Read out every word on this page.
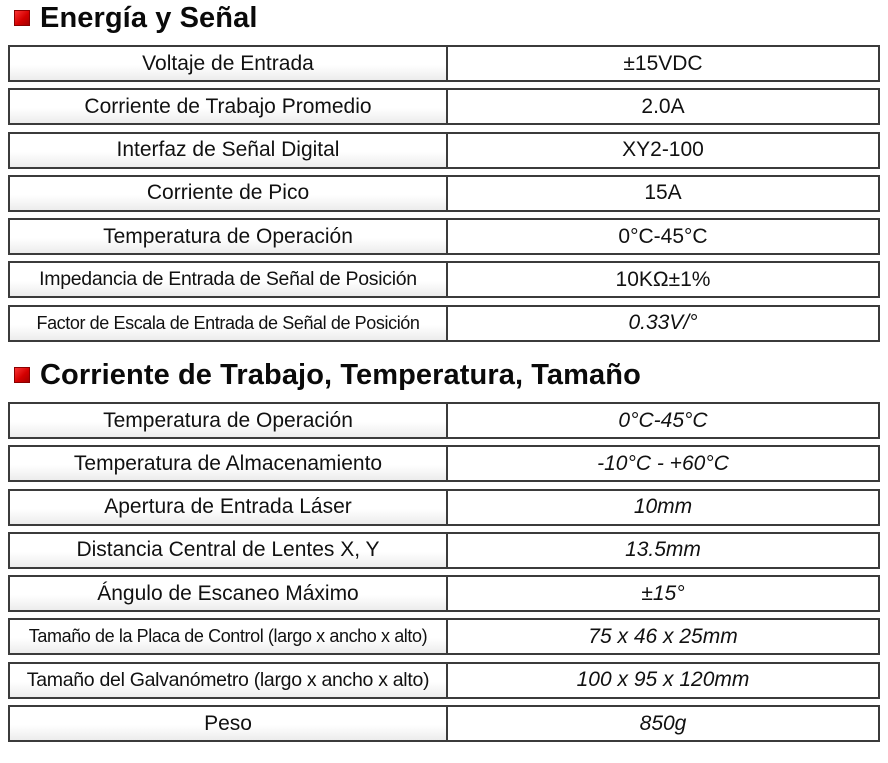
Energía y Señal
Voltaje de Entrada	±15VDC
Corriente de Trabajo Promedio	2.0A
Interfaz de Señal Digital	XY2-100
Corriente de Pico	15A
Temperatura de Operación	0°C-45°C
Impedancia de Entrada de Señal de Posición	10KΩ±1%
Factor de Escala de Entrada de Señal de Posición	0.33V/°
Corriente de Trabajo, Temperatura, Tamaño
Temperatura de Operación	0°C-45°C
Temperatura de Almacenamiento	-10°C - +60°C
Apertura de Entrada Láser	10mm
Distancia Central de Lentes X, Y	13.5mm
Ángulo de Escaneo Máximo	±15°
Tamaño de la Placa de Control (largo x ancho x alto)	75 x 46 x 25mm
Tamaño del Galvanómetro (largo x ancho x alto)	100 x 95 x 120mm
Peso	850g
